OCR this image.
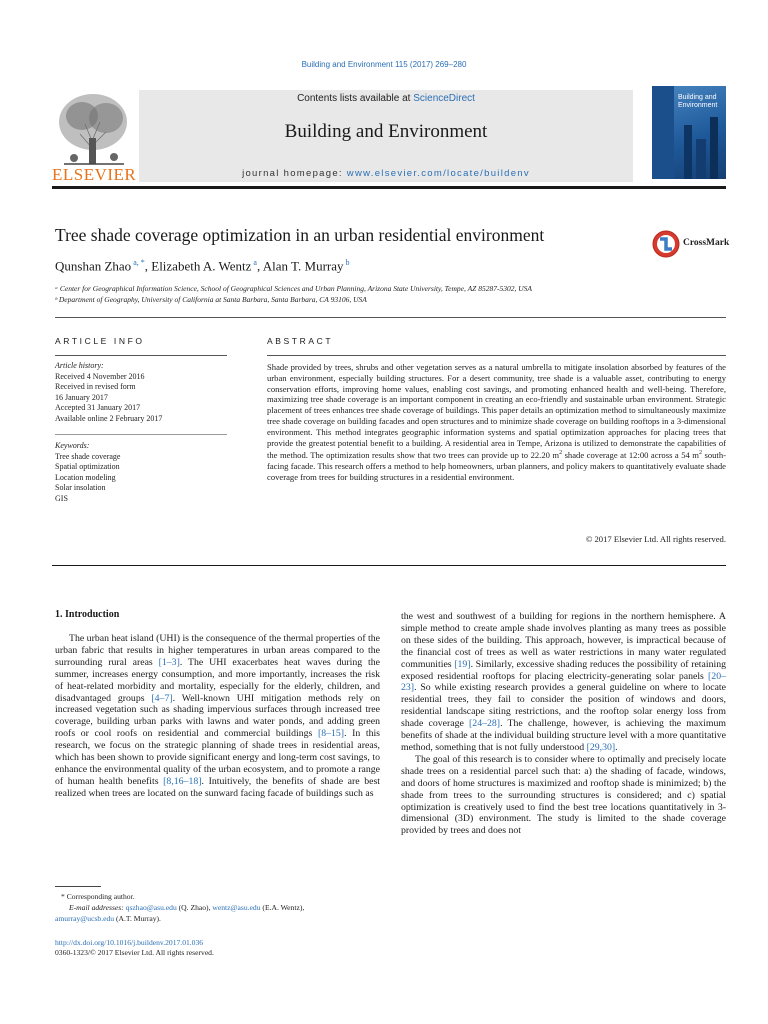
Building and Environment 115 (2017) 269–280
ELSEVIER
Contents lists available at ScienceDirect
Building and Environment
journal homepage: www.elsevier.com/locate/buildenv
Building and
Environment
Tree shade coverage optimization in an urban residential environment	CrossMark
Qunshan Zhao $^{a, *}$, Elizabeth A. Wentz $^a$, Alan T. Murray $^b$
ᵃ Center for Geographical Information Science, School of Geographical Sciences and Urban Planning, Arizona State University, Tempe, AZ 85287-5302, USA
ᵇ Department of Geography, University of California at Santa Barbara, Santa Barbara, CA 93106, USA
ARTICLE INFO
Article history:
Received 4 November 2016
Received in revised form
16 January 2017
Accepted 31 January 2017
Available online 2 February 2017
Keywords:
Tree shade coverage
Spatial optimization
Location modeling
Solar insolation
GIS
ABSTRACT
Shade provided by trees, shrubs and other vegetation serves as a natural umbrella to mitigate insolation absorbed by features of the urban environment, especially building structures. For a desert community, tree shade is a valuable asset, contributing to energy conservation efforts, improving home values, enabling cost savings, and promoting enhanced health and well-being. Therefore, maximizing tree shade coverage is an important component in creating an eco-friendly and sustainable urban environment. Strategic placement of trees enhances tree shade coverage of buildings. This paper details an optimization method to simultaneously maximize tree shade coverage on building facades and open structures and to minimize shade coverage on building rooftops in a 3-dimensional environment. This method integrates geographic information systems and spatial optimization approaches for placing trees that provide the greatest potential benefit to a building. A residential area in Tempe, Arizona is utilized to demonstrate the capabilities of the method. The optimization results show that two trees can provide up to 22.20 $m^2$ shade coverage at 12:00 across a 54 $m^2$ south-facing facade. This research offers a method to help homeowners, urban planners, and policy makers to quantitatively evaluate shade coverage from trees for building structures in a residential environment.
© 2017 Elsevier Ltd. All rights reserved.
1. Introduction

The urban heat island (UHI) is the consequence of the thermal properties of the urban fabric that results in higher temperatures in urban areas compared to the surrounding rural areas [1–3]. The UHI exacerbates heat waves during the summer, increases energy consumption, and more importantly, increases the risk of heat-related morbidity and mortality, especially for the elderly, children, and disadvantaged groups [4–7]. Well-known UHI mitigation methods rely on increased vegetation such as shading impervious surfaces through increased tree coverage, building urban parks with lawns and water ponds, and adding green roofs or cool roofs on residential and commercial buildings [8–15]. In this research, we focus on the strategic planning of shade trees in residential areas, which has been shown to provide significant energy and long-term cost savings, to enhance the environmental quality of the urban ecosystem, and to promote a range of human health benefits [8,16–18]. Intuitively, the benefits of shade are best realized when trees are located on the sunward facing facade of buildings such as

the west and southwest of a building for regions in the northern hemisphere. A simple method to create ample shade involves planting as many trees as possible on these sides of the building. This approach, however, is impractical because of the financial cost of trees as well as water restrictions in many water regulated communities [19]. Similarly, excessive shading reduces the possibility of retaining exposed residential rooftops for placing electricity-generating solar panels [20–23]. So while existing research provides a general guideline on where to locate residential trees, they fail to consider the position of windows and doors, residential landscape siting restrictions, and the rooftop solar energy loss from shade coverage [24–28]. The challenge, however, is achieving the maximum benefits of shade at the individual building structure level with a more quantitative method, something that is not fully understood [29,30].

The goal of this research is to consider where to optimally and precisely locate shade trees on a residential parcel such that: a) the shading of facade, windows, and doors of home structures is maximized and rooftop shade is minimized; b) the shade from trees to the surrounding structures is considered; and c) spatial optimization is creatively used to find the best tree locations quantitatively in 3-dimensional (3D) environment. The study is limited to the shade coverage provided by trees and does not

* Corresponding author.
E-mail addresses: qszhao@asu.edu (Q. Zhao), wentz@asu.edu (E.A. Wentz),
amurray@ucsb.edu (A.T. Murray).
http://dx.doi.org/10.1016/j.buildenv.2017.01.036
0360-1323/© 2017 Elsevier Ltd. All rights reserved.
